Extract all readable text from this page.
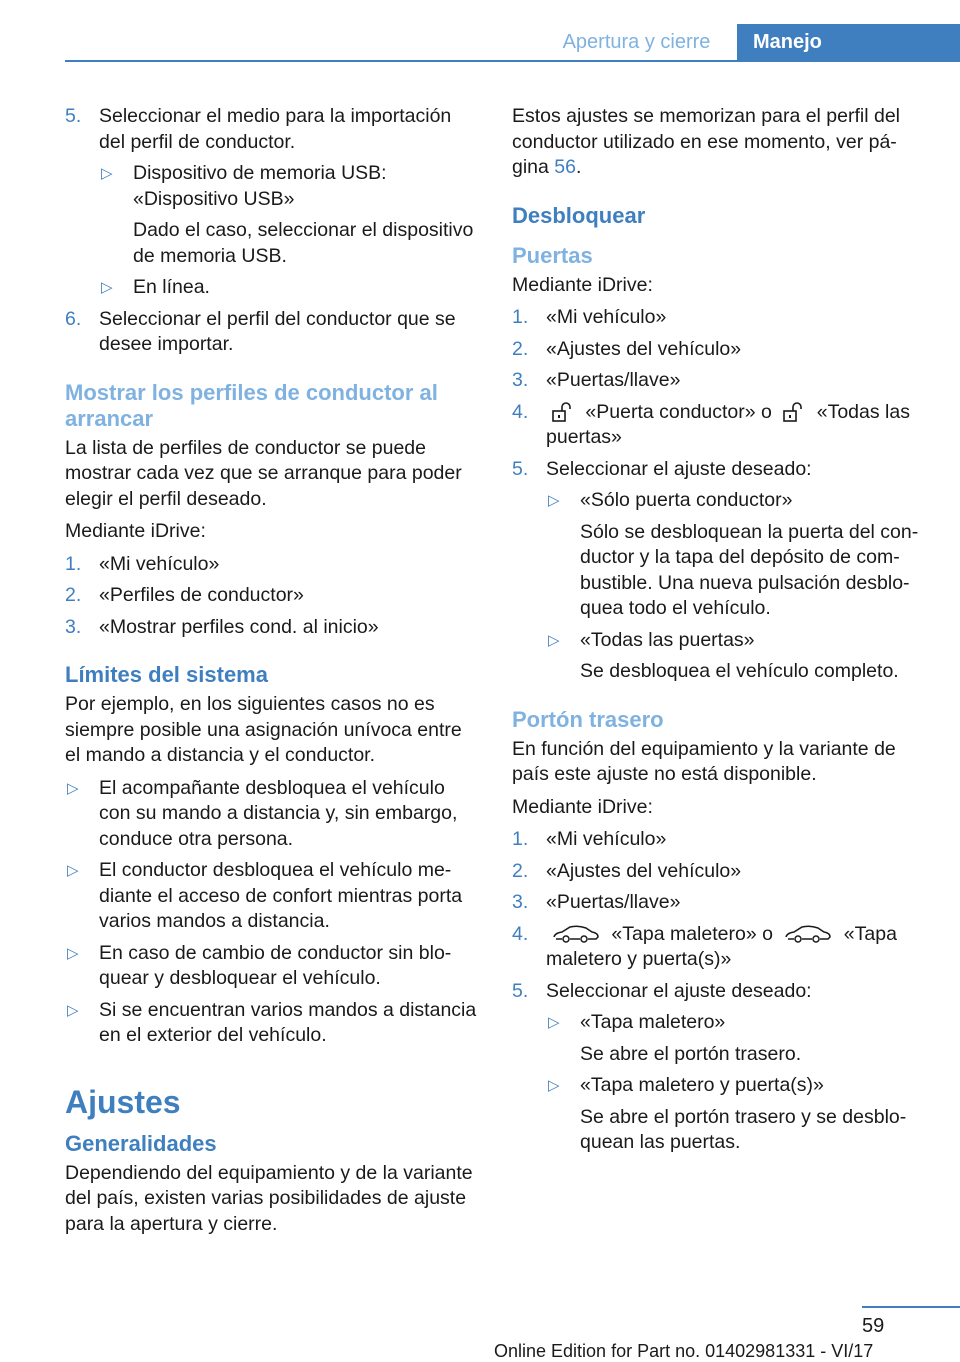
Apertura y cierre	Manejo
5. Seleccionar el medio para la importación del perfil de conductor.
▷ Dispositivo de memoria USB: «Dispositivo USB»
Dado el caso, seleccionar el dispositivo de memoria USB.
▷ En línea.
6. Seleccionar el perfil del conductor que se desee importar.
Mostrar los perfiles de conductor al arrancar

La lista de perfiles de conductor se puede mostrar cada vez que se arranque para poder elegir el perfil deseado.

Mediante iDrive:

1. «Mi vehículo»
2. «Perfiles de conductor»
3. «Mostrar perfiles cond. al inicio»
Límites del sistema

Por ejemplo, en los siguientes casos no es siempre posible una asignación unívoca entre el mando a distancia y el conductor.

▷ El acompañante desbloquea el vehículo con su mando a distancia y, sin embargo, conduce otra persona.
▷ El conductor desbloquea el vehículo me‐ diante el acceso de confort mientras porta varios mandos a distancia.
▷ En caso de cambio de conductor sin blo‐ quear y desbloquear el vehículo.
▷ Si se encuentran varios mandos a distancia en el exterior del vehículo.
Ajustes
Generalidades

Dependiendo del equipamiento y de la variante del país, existen varias posibilidades de ajuste para la apertura y cierre.

Estos ajustes se memorizan para el perfil del conductor utilizado en ese momento, ver pá‐ gina 56.

Desbloquear
Puertas

Mediante iDrive:

1. «Mi vehículo»
2. «Ajustes del vehículo»
3. «Puertas/llave»
4.	«Puerta conductor» o «Todas las puertas»
5. Seleccionar el ajuste deseado:
▷ «Sólo puerta conductor»
Sólo se desbloquean la puerta del con‐ ductor y la tapa del depósito de com‐ bustible. Una nueva pulsación desblo‐ quea todo el vehículo.
▷ «Todas las puertas»
Se desbloquea el vehículo completo.
Portón trasero

En función del equipamiento y la variante de país este ajuste no está disponible.

Mediante iDrive:

1. «Mi vehículo»
2. «Ajustes del vehículo»
3. «Puertas/llave»
4.	«Tapa maletero» o	«Tapa maletero y puerta(s)»
5. Seleccionar el ajuste deseado:
▷ «Tapa maletero»
Se abre el portón trasero.
▷ «Tapa maletero y puerta(s)»
Se abre el portón trasero y se desblo‐ quean las puertas.
59
Online Edition for Part no. 01402981331 - VI/17
